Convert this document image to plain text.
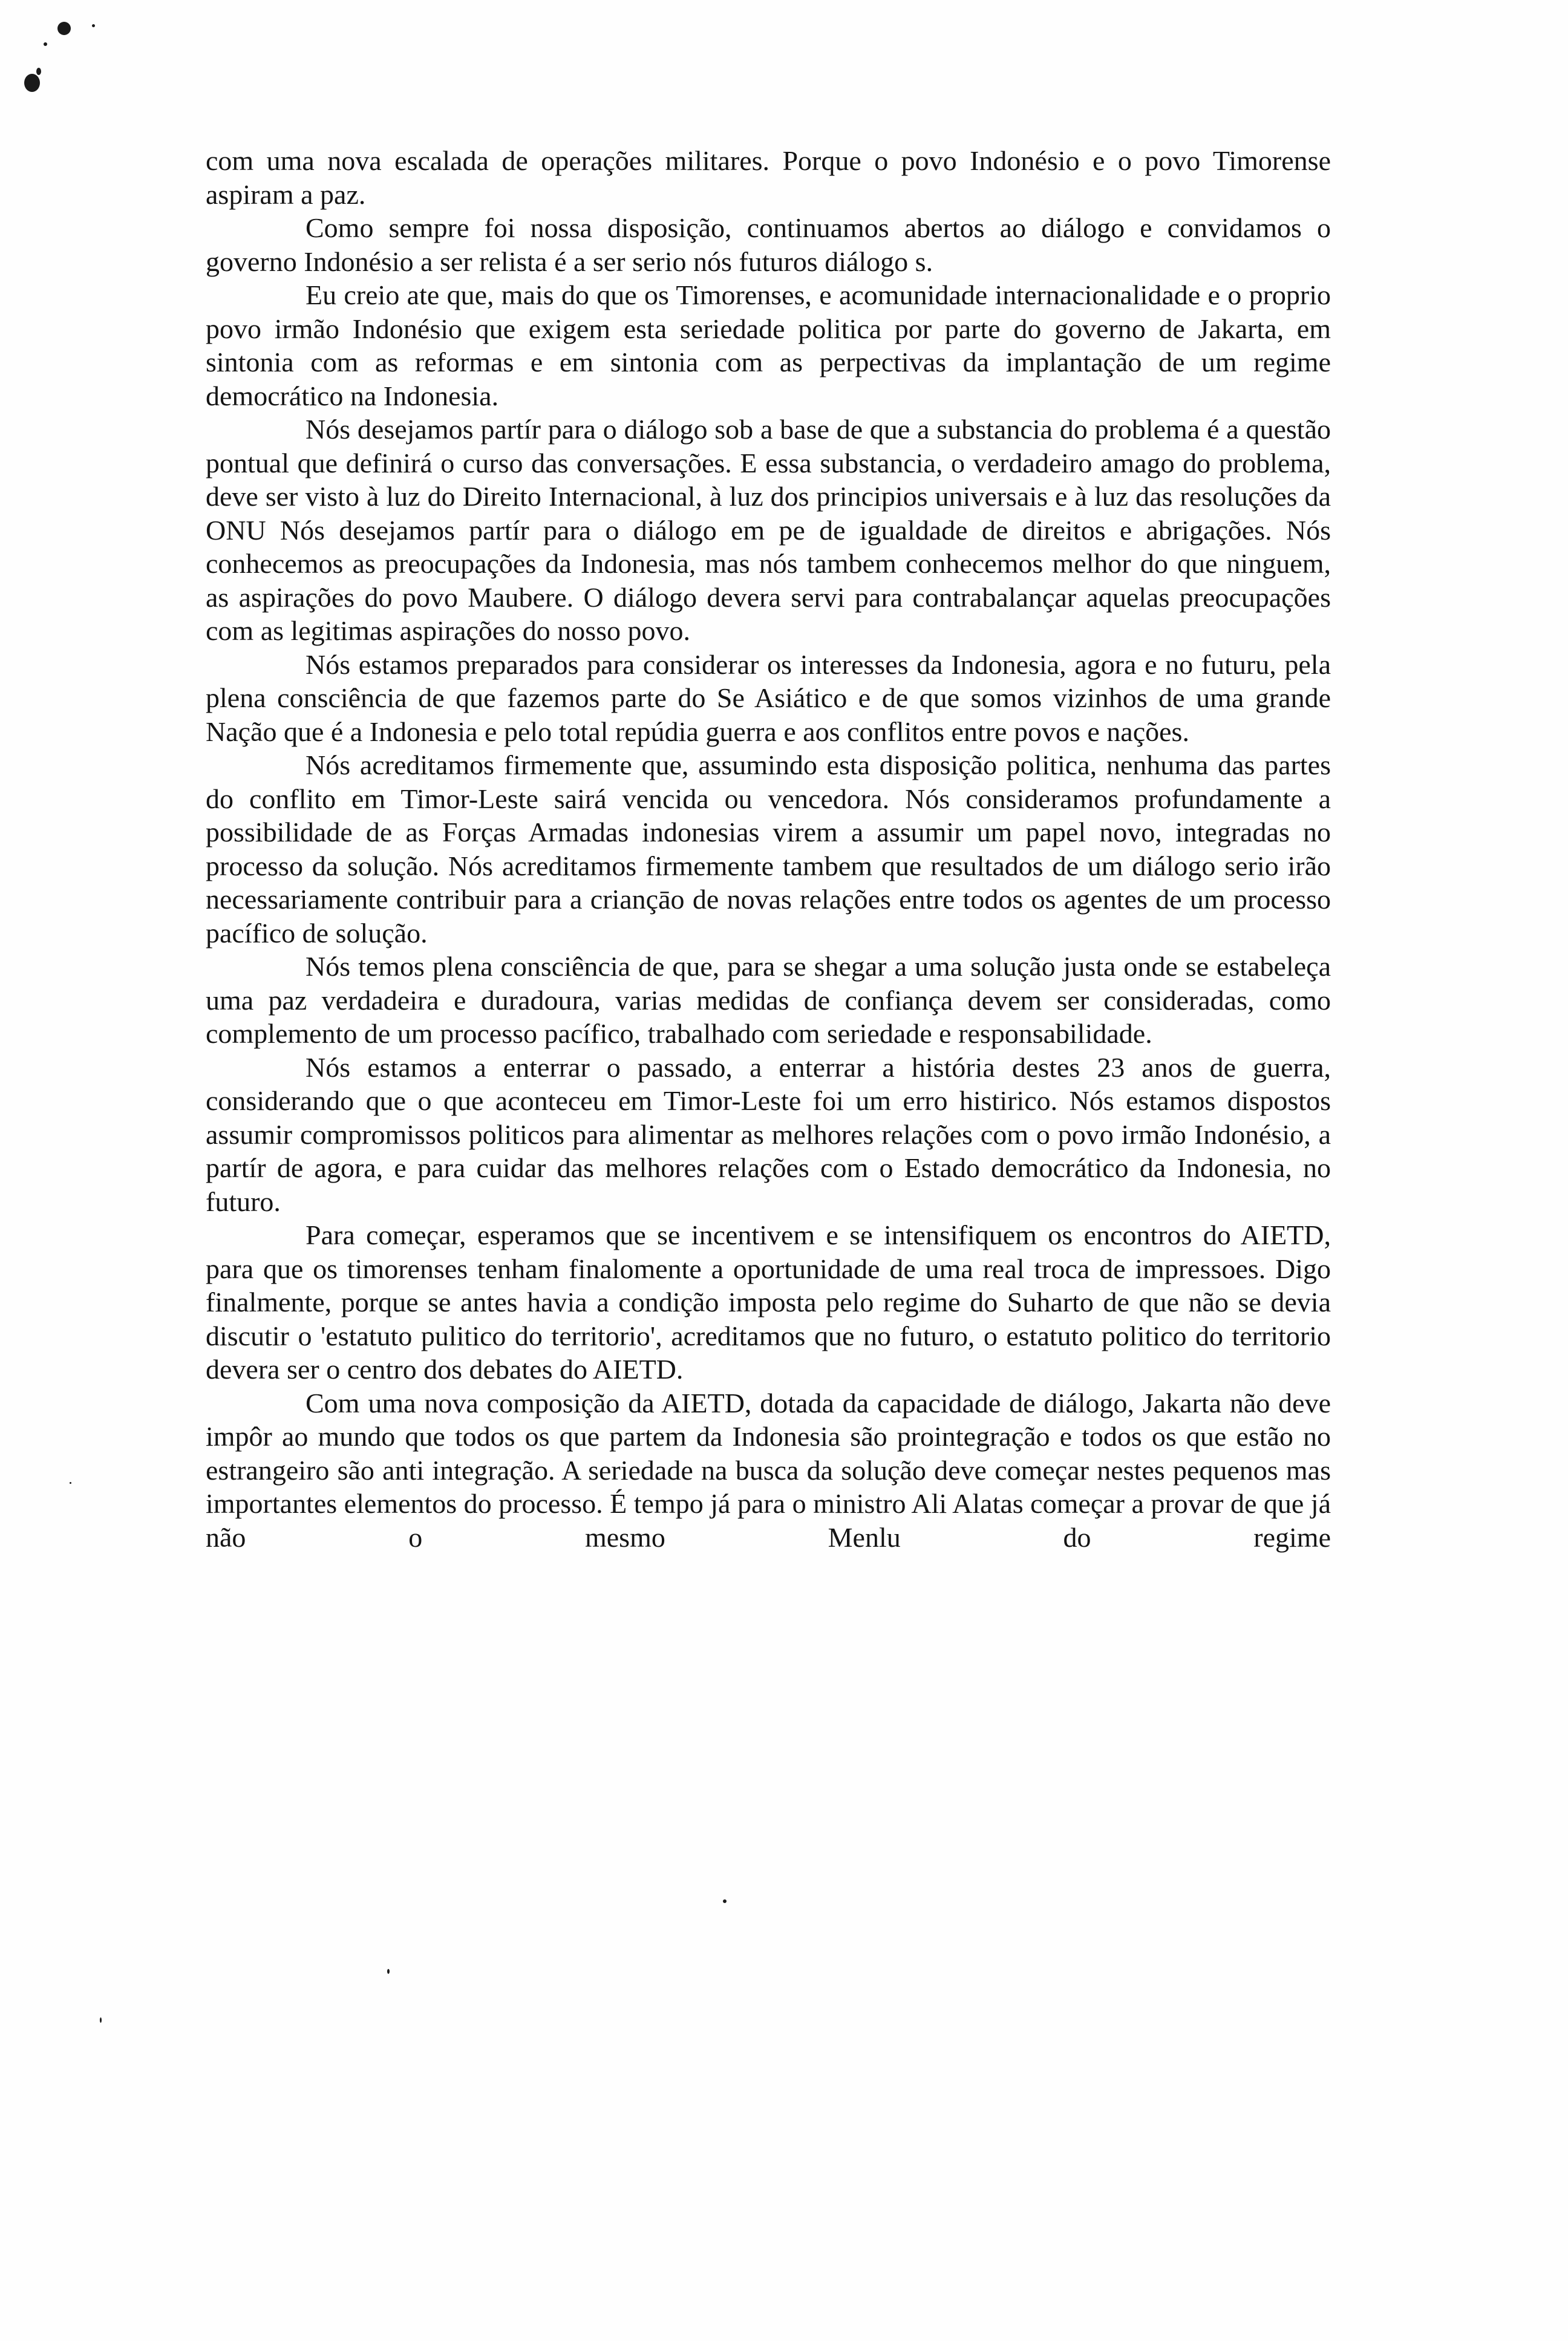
com uma nova escalada de operações militares. Porque o povo Indonésio e o povo Timorense aspiram a paz.

Como sempre foi nossa disposição, continuamos abertos ao diálogo e convidamos o governo Indonésio a ser relista é a ser serio nós futuros diálogo s.

Eu creio ate que, mais do que os Timorenses, e acomunidade internacionalidade e o proprio povo irmão Indonésio que exigem esta seriedade politica por parte do governo de Jakarta, em sintonia com as reformas e em sintonia com as perpectivas da implantação de um regime democrático na Indonesia.

Nós desejamos partír para o diálogo sob a base de que a substancia do problema é a questão pontual que definirá o curso das conversações. E essa substancia, o verdadeiro amago do problema, deve ser visto à luz do Direito Internacional, à luz dos principios universais e à luz das resoluções da ONU Nós desejamos partír para o diálogo em pe de igualdade de direitos e abrigações. Nós conhecemos as preocupações da Indonesia, mas nós tambem conhecemos melhor do que ninguem, as aspirações do povo Maubere. O diálogo devera servi para contrabalançar aquelas preocupações com as legitimas aspirações do nosso povo.

Nós estamos preparados para considerar os interesses da Indonesia, agora e no futuru, pela plena consciência de que fazemos parte do Se Asiático e de que somos vizinhos de uma grande Nação que é a Indonesia e pelo total repúdia guerra e aos conflitos entre povos e nações.

Nós acreditamos firmemente que, assumindo esta disposição politica, nenhuma das partes do conflito em Timor-Leste sairá vencida ou vencedora. Nós consideramos profundamente a possibilidade de as Forças Armadas indonesias virem a assumir um papel novo, integradas no processo da solução. Nós acreditamos firmemente tambem que resultados de um diálogo serio irão necessariamente contribuir para a criançāo de novas relações entre todos os agentes de um processo pacífico de solução.

Nós temos plena consciência de que, para se shegar a uma solução justa onde se estabeleça uma paz verdadeira e duradoura, varias medidas de confiança devem ser consideradas, como complemento de um processo pacífico, trabalhado com seriedade e responsabilidade.

Nós estamos a enterrar o passado, a enterrar a história destes 23 anos de guerra, considerando que o que aconteceu em Timor-Leste foi um erro histirico. Nós estamos dispostos assumir compromissos politicos para alimentar as melhores relações com o povo irmão Indonésio, a partír de agora, e para cuidar das melhores relações com o Estado democrático da Indonesia, no futuro.

Para começar, esperamos que se incentivem e se intensifiquem os encontros do AIETD, para que os timorenses tenham finalomente a oportunidade de uma real troca de impressoes. Digo finalmente, porque se antes havia a condição imposta pelo regime do Suharto de que não se devia discutir o 'estatuto pulitico do territorio', acreditamos que no futuro, o estatuto politico do territorio devera ser o centro dos debates do AIETD.

Com uma nova composição da AIETD, dotada da capacidade de diálogo, Jakarta não deve impôr ao mundo que todos os que partem da Indonesia são prointegração e todos os que estão no estrangeiro são anti integração. A seriedade na busca da solução deve começar nestes pequenos mas importantes elementos do processo. É tempo já para o ministro Ali Alatas começar a provar de que já não o mesmo Menlu do regime
